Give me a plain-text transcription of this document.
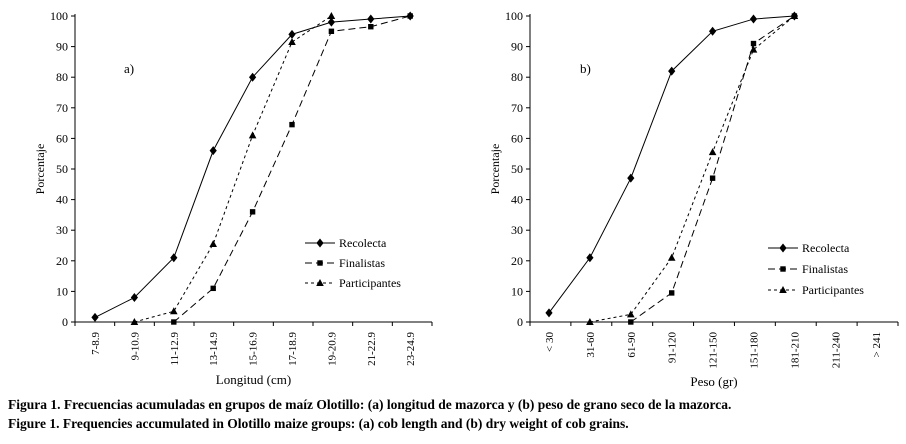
0
10
20
30
40
50
60
70
80
90
100
7-8.9 9-10.9 11-12.9 13-14.9 15-16.9 17-18.9 19-20.9 21-22.9 23-24.9
Porcentaje
Longitud (cm)
a)
Recolecta
Finalistas
Participantes
0
10
20
30
40
50
60
70
80
90
100
< 30	31-60	61-90	91-120	121-150	151-180	181-210	211-240	> 241
Porcentaje
Peso (gr)
b)
Recolecta
Finalistas
Participantes
Figura 1. Frecuencias acumuladas en grupos de maíz Olotillo: (a) longitud de mazorca y (b) peso de grano seco de la mazorca.
Figure 1. Frequencies accumulated in Olotillo maize groups: (a) cob length and (b) dry weight of cob grains.
